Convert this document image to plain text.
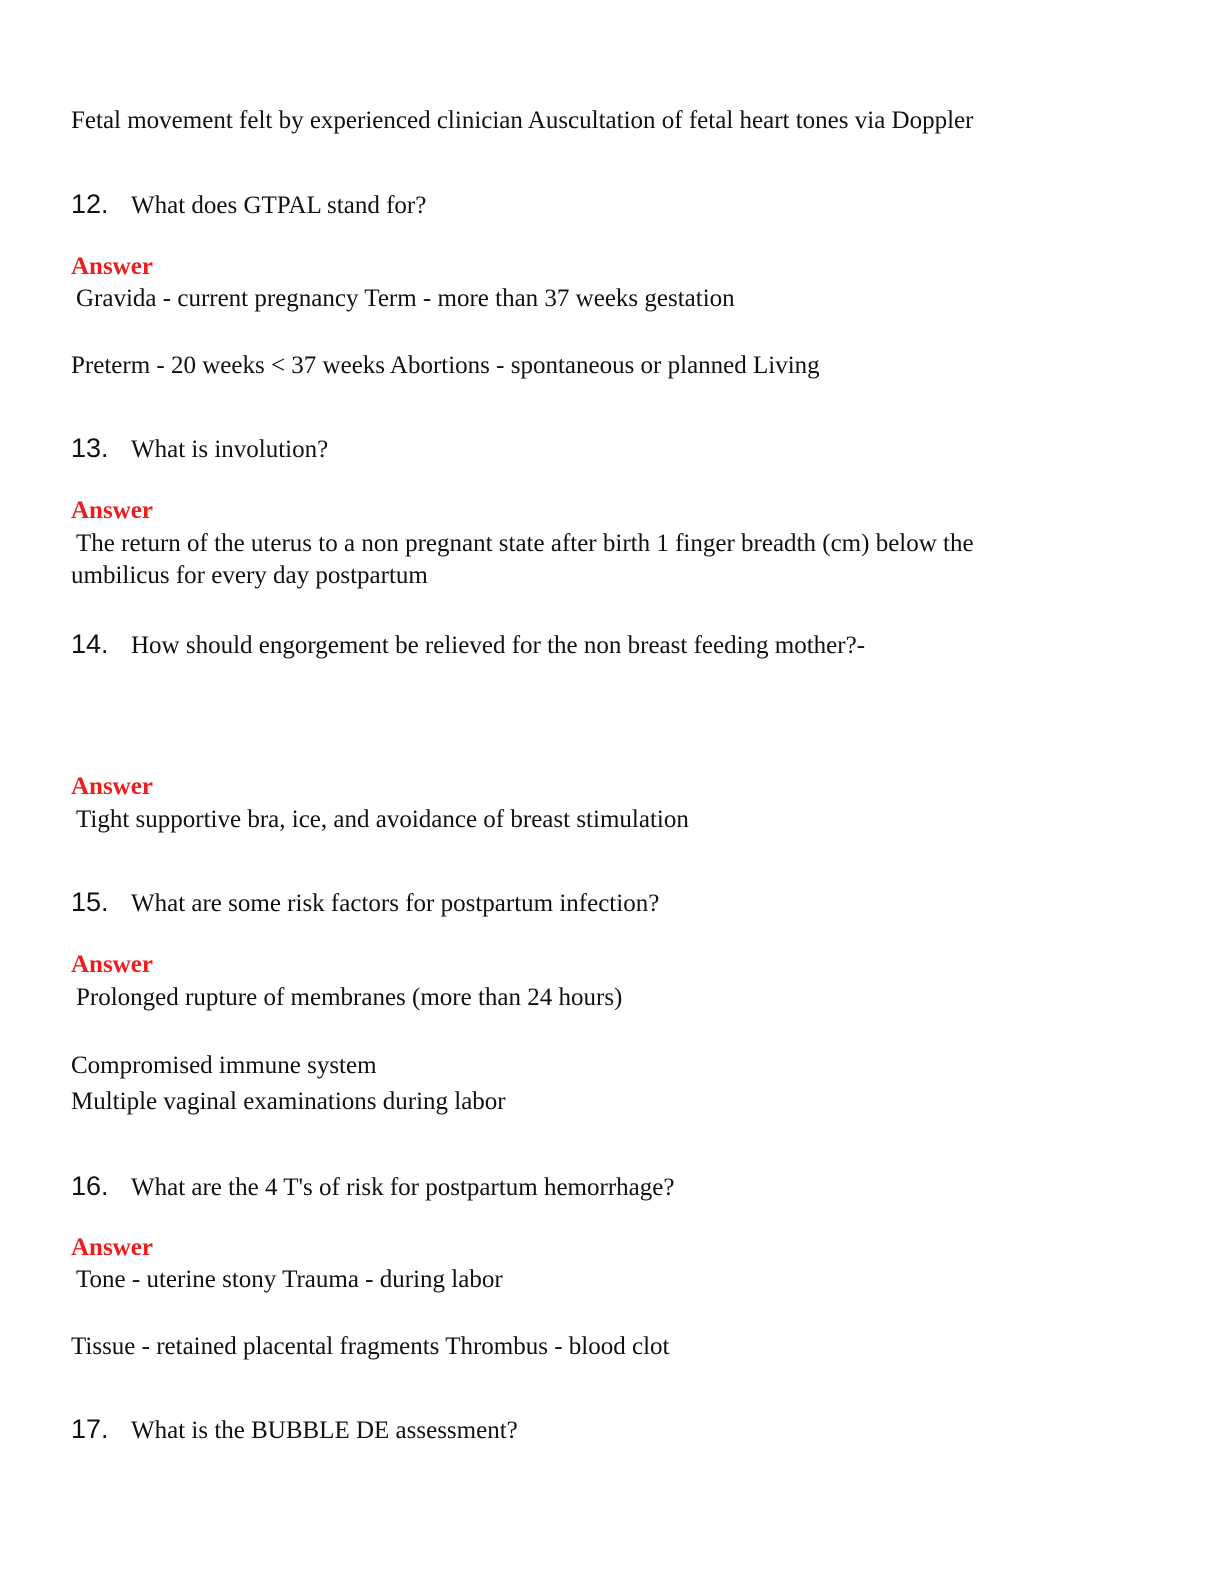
Fetal movement felt by experienced clinician Auscultation of fetal heart tones via Doppler
12. What does GTPAL stand for?
Answer
Gravida - current pregnancy Term - more than 37 weeks gestation
Preterm - 20 weeks < 37 weeks Abortions - spontaneous or planned Living
13. What is involution?
Answer
The return of the uterus to a non pregnant state after birth 1 finger breadth (cm) below the umbilicus for every day postpartum
14. How should engorgement be relieved for the non breast feeding mother?-
Answer
Tight supportive bra, ice, and avoidance of breast stimulation
15. What are some risk factors for postpartum infection?
Answer
Prolonged rupture of membranes (more than 24 hours)
Compromised immune system
Multiple vaginal examinations during labor
16. What are the 4 T's of risk for postpartum hemorrhage?
Answer
Tone - uterine stony Trauma - during labor
Tissue - retained placental fragments Thrombus - blood clot
17. What is the BUBBLE DE assessment?
